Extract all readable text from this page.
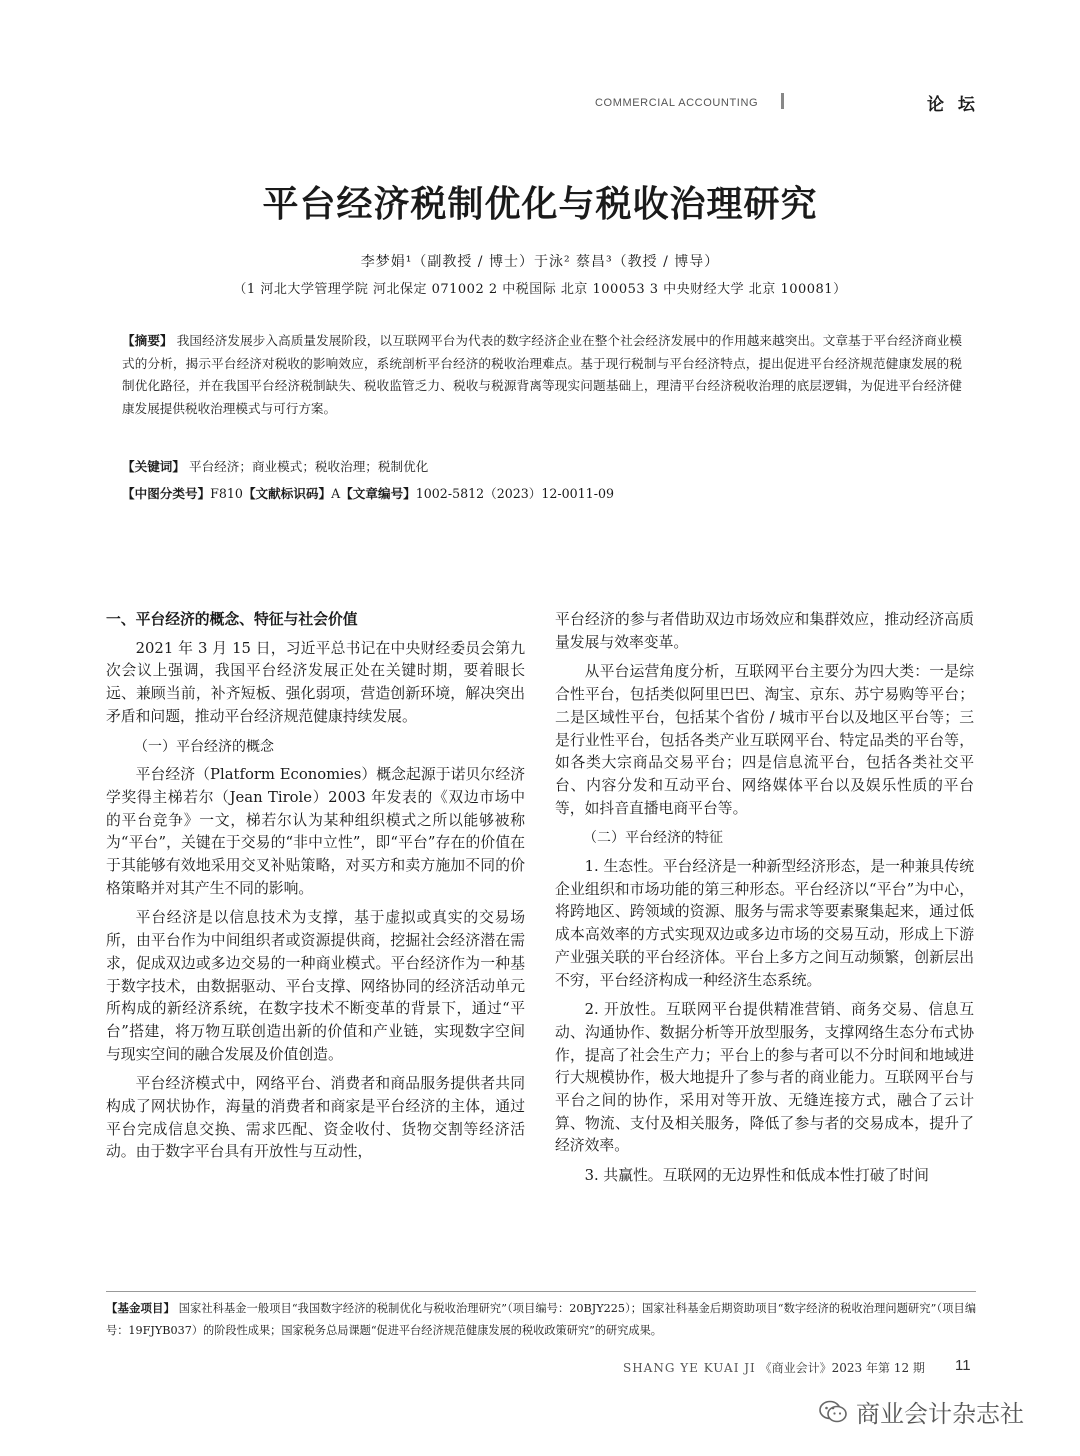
COMMERCIAL ACCOUNTING	论 坛
平台经济税制优化与税收治理研究
李梦娟¹（副教授 / 博士）于泳² 蔡昌³（教授 / 博导）
（1 河北大学管理学院 河北保定 071002 2 中税国际 北京 100053 3 中央财经大学 北京 100081）
【摘要】 我国经济发展步入高质量发展阶段，以互联网平台为代表的数字经济企业在整个社会经济发展中的作用越来越突出。文章基于平台经济商业模式的分析，揭示平台经济对税收的影响效应，系统剖析平台经济的税收治理难点。基于现行税制与平台经济特点，提出促进平台经济规范健康发展的税制优化路径，并在我国平台经济税制缺失、税收监管乏力、税收与税源背离等现实问题基础上，理清平台经济税收治理的底层逻辑，为促进平台经济健康发展提供税收治理模式与可行方案。
【关键词】 平台经济；商业模式；税收治理；税制优化
【中图分类号】F810【文献标识码】A【文章编号】1002-5812（2023）12-0011-09
一、平台经济的概念、特征与社会价值

2021 年 3 月 15 日，习近平总书记在中央财经委员会第九次会议上强调，我国平台经济发展正处在关键时期，要着眼长远、兼顾当前，补齐短板、强化弱项，营造创新环境，解决突出矛盾和问题，推动平台经济规范健康持续发展。

（一）平台经济的概念

平台经济（Platform Economies）概念起源于诺贝尔经济学奖得主梯若尔（Jean Tirole）2003 年发表的《双边市场中的平台竞争》一文，梯若尔认为某种组织模式之所以能够被称为“平台”，关键在于交易的“非中立性”，即“平台”存在的价值在于其能够有效地采用交叉补贴策略，对买方和卖方施加不同的价格策略并对其产生不同的影响。

平台经济是以信息技术为支撑，基于虚拟或真实的交易场所，由平台作为中间组织者或资源提供商，挖掘社会经济潜在需求，促成双边或多边交易的一种商业模式。平台经济作为一种基于数字技术，由数据驱动、平台支撑、网络协同的经济活动单元所构成的新经济系统，在数字技术不断变革的背景下，通过“平台”搭建，将万物互联创造出新的价值和产业链，实现数字空间与现实空间的融合发展及价值创造。

平台经济模式中，网络平台、消费者和商品服务提供者共同构成了网状协作，海量的消费者和商家是平台经济的主体，通过平台完成信息交换、需求匹配、资金收付、货物交割等经济活动。由于数字平台具有开放性与互动性，

平台经济的参与者借助双边市场效应和集群效应，推动经济高质量发展与效率变革。

从平台运营角度分析，互联网平台主要分为四大类：一是综合性平台，包括类似阿里巴巴、淘宝、京东、苏宁易购等平台；二是区域性平台，包括某个省份 / 城市平台以及地区平台等；三是行业性平台，包括各类产业互联网平台、特定品类的平台等，如各类大宗商品交易平台；四是信息流平台，包括各类社交平台、内容分发和互动平台、网络媒体平台以及娱乐性质的平台等，如抖音直播电商平台等。

（二）平台经济的特征

1. 生态性。平台经济是一种新型经济形态，是一种兼具传统企业组织和市场功能的第三种形态。平台经济以“平台”为中心，将跨地区、跨领域的资源、服务与需求等要素聚集起来，通过低成本高效率的方式实现双边或多边市场的交易互动，形成上下游产业强关联的平台经济体。平台上多方之间互动频繁，创新层出不穷，平台经济构成一种经济生态系统。

2. 开放性。互联网平台提供精准营销、商务交易、信息互动、沟通协作、数据分析等开放型服务，支撑网络生态分布式协作，提高了社会生产力；平台上的参与者可以不分时间和地域进行大规模协作，极大地提升了参与者的商业能力。互联网平台与平台之间的协作，采用对等开放、无缝连接方式，融合了云计算、物流、支付及相关服务，降低了参与者的交易成本，提升了经济效率。

3. 共赢性。互联网的无边界性和低成本性打破了时间

【基金项目】 国家社科基金一般项目“我国数字经济的税制优化与税收治理研究”（项目编号：20BJY225）；国家社科基金后期资助项目“数字经济的税收治理问题研究”（项目编号：19FJYB037）的阶段性成果；国家税务总局课题“促进平台经济规范健康发展的税收政策研究”的研究成果。
SHANG YE KUAI JI 《商业会计》2023 年第 12 期 11
商业会计杂志社
